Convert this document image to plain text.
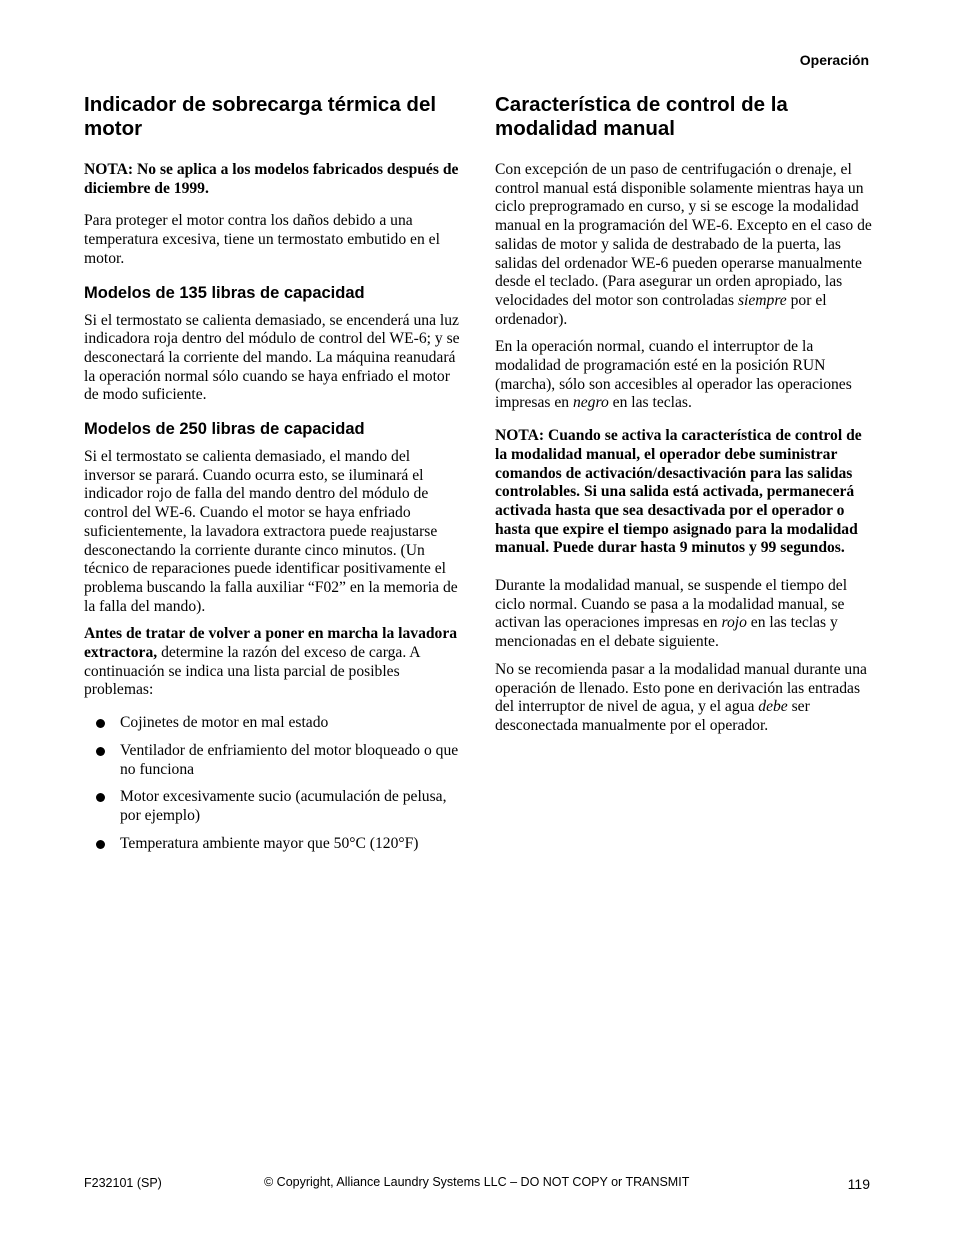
Operación
Indicador de sobrecarga térmica del motor

NOTA: No se aplica a los modelos fabricados después de diciembre de 1999.

Para proteger el motor contra los daños debido a una temperatura excesiva, tiene un termostato embutido en el motor.

Modelos de 135 libras de capacidad

Si el termostato se calienta demasiado, se encenderá una luz indicadora roja dentro del módulo de control del WE-6; y se desconectará la corriente del mando. La máquina reanudará la operación normal sólo cuando se haya enfriado el motor de modo suficiente.

Modelos de 250 libras de capacidad

Si el termostato se calienta demasiado, el mando del inversor se parará. Cuando ocurra esto, se iluminará el indicador rojo de falla del mando dentro del módulo de control del WE-6. Cuando el motor se haya enfriado suficientemente, la lavadora extractora puede reajustarse desconectando la corriente durante cinco minutos. (Un técnico de reparaciones puede identificar positivamente el problema buscando la falla auxiliar “F02” en la memoria de la falla del mando).

Antes de tratar de volver a poner en marcha la lavadora extractora, determine la razón del exceso de carga. A continuación se indica una lista parcial de posibles problemas:

Cojinetes de motor en mal estado
Ventilador de enfriamiento del motor bloqueado o que no funciona
Motor excesivamente sucio (acumulación de pelusa, por ejemplo)
Temperatura ambiente mayor que 50°C (120°F)
Característica de control de la modalidad manual

Con excepción de un paso de centrifugación o drenaje, el control manual está disponible solamente mientras haya un ciclo preprogramado en curso, y si se escoge la modalidad manual en la programación del WE-6. Excepto en el caso de salidas de motor y salida de destrabado de la puerta, las salidas del ordenador WE-6 pueden operarse manualmente desde el teclado. (Para asegurar un orden apropiado, las velocidades del motor son controladas siempre por el ordenador).

En la operación normal, cuando el interruptor de la modalidad de programación esté en la posición RUN (marcha), sólo son accesibles al operador las operaciones impresas en negro en las teclas.

NOTA: Cuando se activa la característica de control de la modalidad manual, el operador debe suministrar comandos de activación/desactivación para las salidas controlables. Si una salida está activada, permanecerá activada hasta que sea desactivada por el operador o hasta que expire el tiempo asignado para la modalidad manual. Puede durar hasta 9 minutos y 99 segundos.

Durante la modalidad manual, se suspende el tiempo del ciclo normal. Cuando se pasa a la modalidad manual, se activan las operaciones impresas en rojo en las teclas y mencionadas en el debate siguiente.

No se recomienda pasar a la modalidad manual durante una operación de llenado. Esto pone en derivación las entradas del interruptor de nivel de agua, y el agua debe ser desconectada manualmente por el operador.

F232101 (SP)	© Copyright, Alliance Laundry Systems LLC – DO NOT COPY or TRANSMIT	119
